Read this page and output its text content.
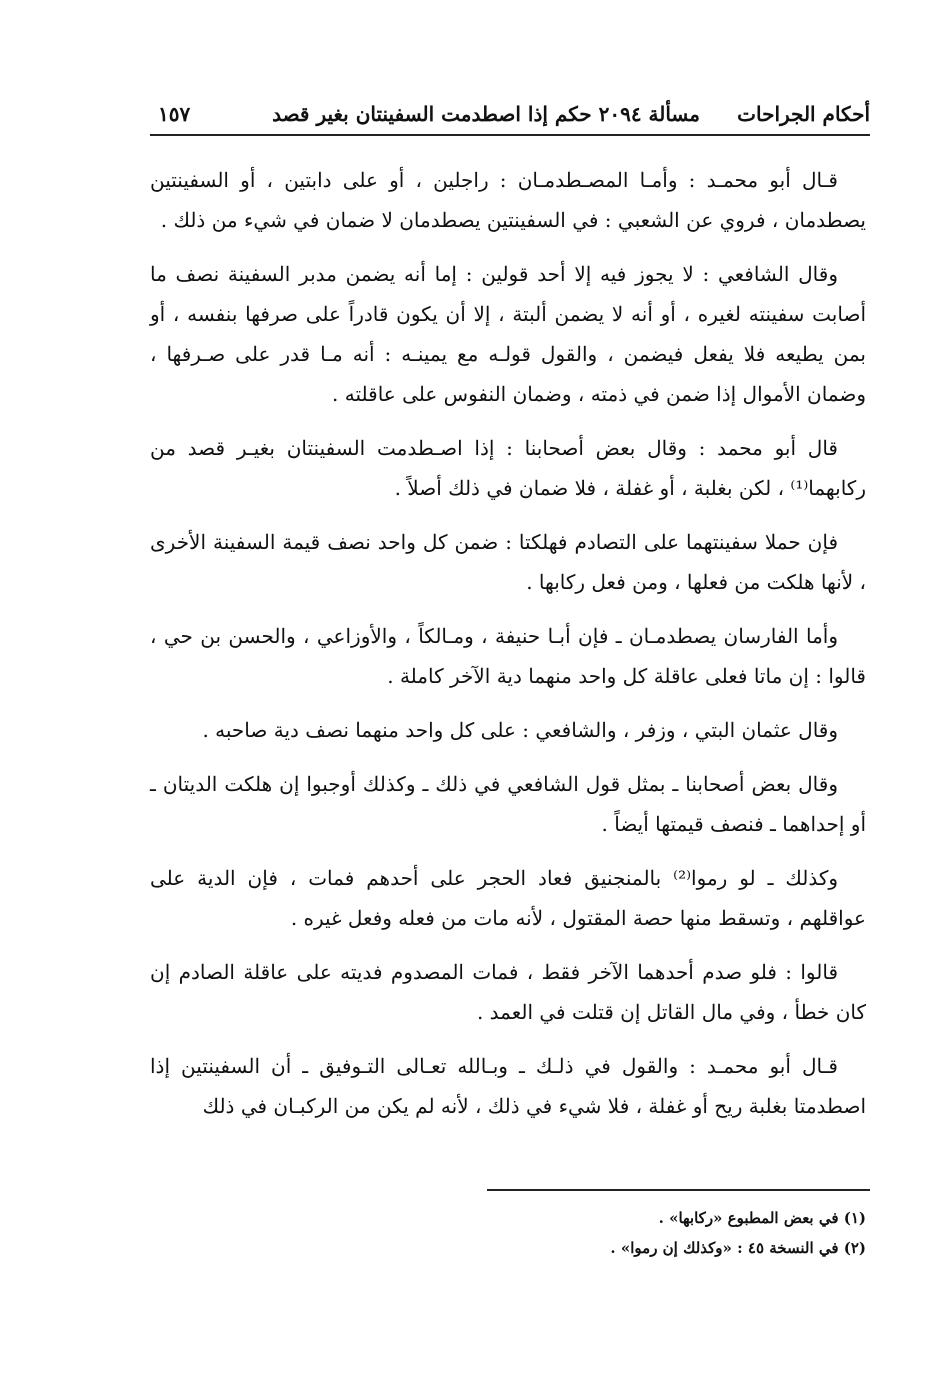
أحكام الجراحات
مسألة ٢٠٩٤ حكم إذا اصطدمت السفينتان بغير قصد
١٥٧

قـال أبو محمـد : وأمـا المصـطدمـان : راجلين ، أو على دابتين ، أو السفينتين يصطدمان ، فروي عن الشعبي : في السفينتين يصطدمان لا ضمان في شيء من ذلك .

وقال الشافعي : لا يجوز فيه إلا أحد قولين : إما أنه يضمن مدبر السفينة نصف ما أصابت سفينته لغيره ، أو أنه لا يضمن ألبتة ، إلا أن يكون قادراً على صرفها بنفسه ، أو بمن يطيعه فلا يفعل فيضمن ، والقول قولـه مع يمينـه : أنه مـا قدر على صـرفها ، وضمان الأموال إذا ضمن في ذمته ، وضمان النفوس على عاقلته .

قال أبو محمد : وقال بعض أصحابنا : إذا اصـطدمت السفينتان بغيـر قصد من ركابهما⁽¹⁾ ، لكن بغلبة ، أو غفلة ، فلا ضمان في ذلك أصلاً .

فإن حملا سفينتهما على التصادم فهلكتا : ضمن كل واحد نصف قيمة السفينة الأخرى ، لأنها هلكت من فعلها ، ومن فعل ركابها .

وأما الفارسان يصطدمـان ـ فإن أبـا حنيفة ، ومـالكاً ، والأوزاعي ، والحسن بن حي ، قالوا : إن ماتا فعلى عاقلة كل واحد منهما دية الآخر كاملة .

وقال عثمان البتي ، وزفر ، والشافعي : على كل واحد منهما نصف دية صاحبه .

وقال بعض أصحابنا ـ بمثل قول الشافعي في ذلك ـ وكذلك أوجبوا إن هلكت الديتان ـ أو إحداهما ـ فنصف قيمتها أيضاً .

وكذلك ـ لو رموا⁽²⁾ بالمنجنيق فعاد الحجر على أحدهم فمات ، فإن الدية على عواقلهم ، وتسقط منها حصة المقتول ، لأنه مات من فعله وفعل غيره .

قالوا : فلو صدم أحدهما الآخر فقط ، فمات المصدوم فديته على عاقلة الصادم إن كان خطأ ، وفي مال القاتل إن قتلت في العمد .

قـال أبو محمـد : والقول في ذلـك ـ وبـالله تعـالى التـوفيق ـ أن السفينتين إذا اصطدمتا بغلبة ريح أو غفلة ، فلا شيء في ذلك ، لأنه لم يكن من الركبـان في ذلك

(١) في بعض المطبوع «ركابها» .
(٢) في النسخة ٤٥ : «وكذلك إن رموا» .
